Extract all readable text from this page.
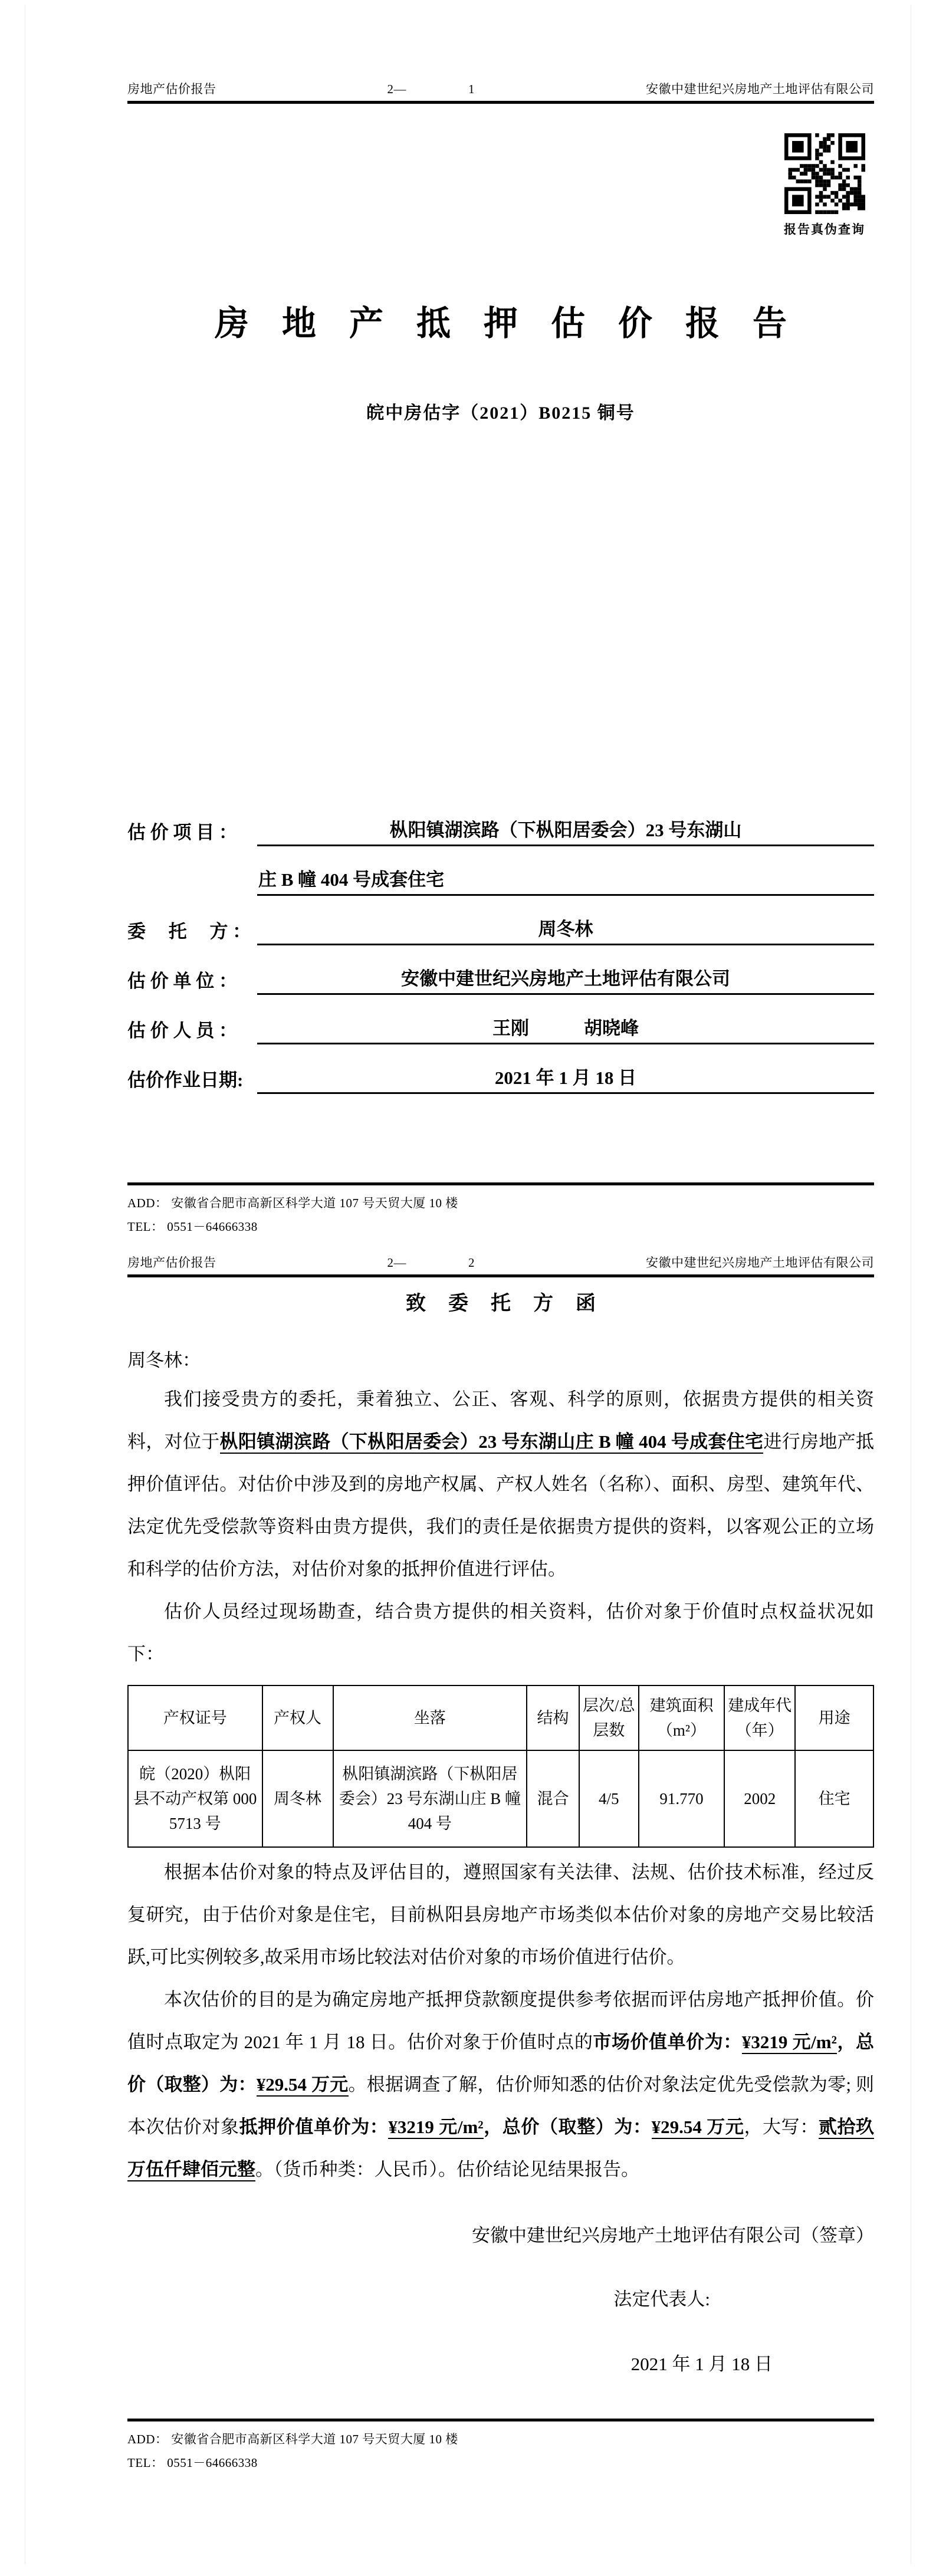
房地产估价报告	2—	1	安徽中建世纪兴房地产土地评估有限公司
报告真伪查询
房地产抵押估价报告
皖中房估字（2021）B0215 铜号
估 价 项 目 ：	枞阳镇湖滨路（下枞阳居委会）23 号东湖山
庄 B 幢 404 号成套住宅
委　 托 　方 ：	周冬林
估 价 单 位 ：	安徽中建世纪兴房地产土地评估有限公司
估 价 人 员 ：	王刚　　　胡晓峰
估价作业日期:	2021 年 1 月 18 日
ADD： 安徽省合肥市高新区科学大道 107 号天贸大厦 10 楼
TEL： 0551－64666338
房地产估价报告	2—	2	安徽中建世纪兴房地产土地评估有限公司
致委托方函
周冬林：

我们接受贵方的委托，秉着独立、公正、客观、科学的原则，依据贵方提供的相关资料，对位于枞阳镇湖滨路（下枞阳居委会）23 号东湖山庄 B 幢 404 号成套住宅进行房地产抵押价值评估。对估价中涉及到的房地产权属、产权人姓名（名称）、面积、房型、建筑年代、法定优先受偿款等资料由贵方提供，我们的责任是依据贵方提供的资料，以客观公正的立场和科学的估价方法，对估价对象的抵押价值进行评估。

估价人员经过现场勘查，结合贵方提供的相关资料，估价对象于价值时点权益状况如下：

产权证号	产权人	坐落	结构	层次/总层数	建筑面积（m²）	建成年代（年）	用途
皖（2020）枞阳县不动产权第 0005713 号	周冬林	枞阳镇湖滨路（下枞阳居委会）23 号东湖山庄 B 幢 404 号	混合	4/5	91.770	2002	住宅

根据本估价对象的特点及评估目的，遵照国家有关法律、法规、估价技术标准，经过反复研究，由于估价对象是住宅，目前枞阳县房地产市场类似本估价对象的房地产交易比较活跃,可比实例较多,故采用市场比较法对估价对象的市场价值进行估价。

本次估价的目的是为确定房地产抵押贷款额度提供参考依据而评估房地产抵押价值。价值时点取定为 2021 年 1 月 18 日。估价对象于价值时点的市场价值单价为：¥3219 元/m²，总价（取整）为：¥29.54 万元。根据调查了解，估价师知悉的估价对象法定优先受偿款为零; 则本次估价对象抵押价值单价为：¥3219 元/m²，总价（取整）为：¥29.54 万元，大写：贰拾玖万伍仟肆佰元整。（货币种类：人民币）。估价结论见结果报告。

安徽中建世纪兴房地产土地评估有限公司（签章）
法定代表人:
2021 年 1 月 18 日
ADD： 安徽省合肥市高新区科学大道 107 号天贸大厦 10 楼
TEL： 0551－64666338
